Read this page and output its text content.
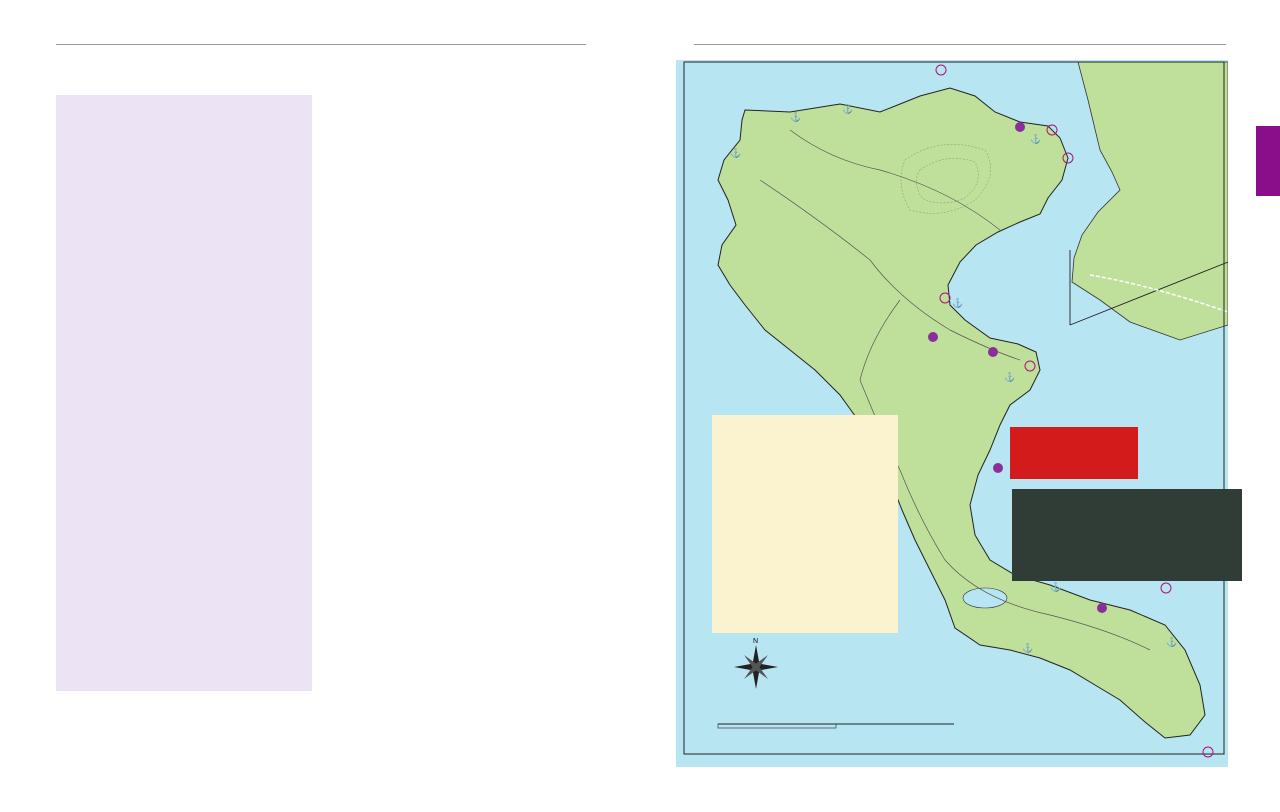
N
⚓
⚓
⚓
⚓
⚓
⚓
⚓
⚓
⚓
